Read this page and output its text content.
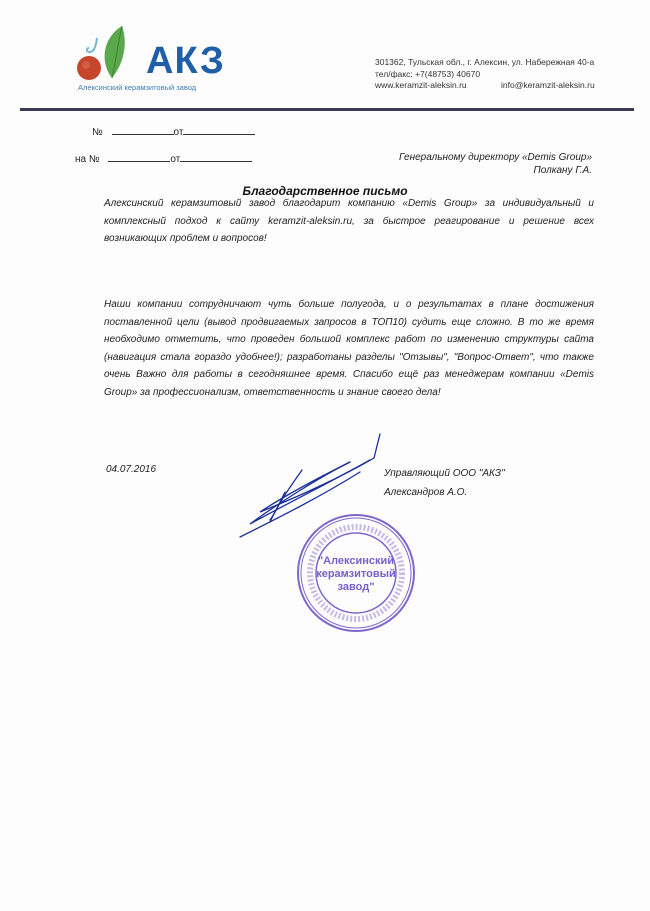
АКЗ
Алексинский керамзитовый завод
301362, Тульская обл., г. Алексин, ул. Набережная 40-а
тел/факс: +7(48753) 40670
www.keramzit-aleksin.ru	info@keramzit-aleksin.ru
№	от
на №	от	Генеральному директору «Demis Group»
Полкану Г.А.
Благодарственное письмо
Алексинский керамзитовый завод благодарит компанию «Demis Group» за индивидуальный и комплексный подход к сайту keramzit-aleksin.ru, за быстрое реагирование и решение всех возникающих проблем и вопросов!
Наши компании сотрудничают чуть больше полугода, и о результатах в плане достижения поставленной цели (вывод продвигаемых запросов в ТОП10) судить еще сложно. В то же время необходимо отметить, что проведен большой комплекс работ по изменению структуры сайта (навигация стала гораздо удобнее!); разработаны разделы "Отзывы", "Вопрос-Ответ", что также очень Важно для работы в сегодняшнее время. Спасибо ещё раз менеджерам компании «Demis Group» за профессионализм, ответственность и знание своего дела!
04.07.2016	Управляющий ООО "АКЗ"
Александров А.О.
"Алексинский
керамзитовый
завод"
